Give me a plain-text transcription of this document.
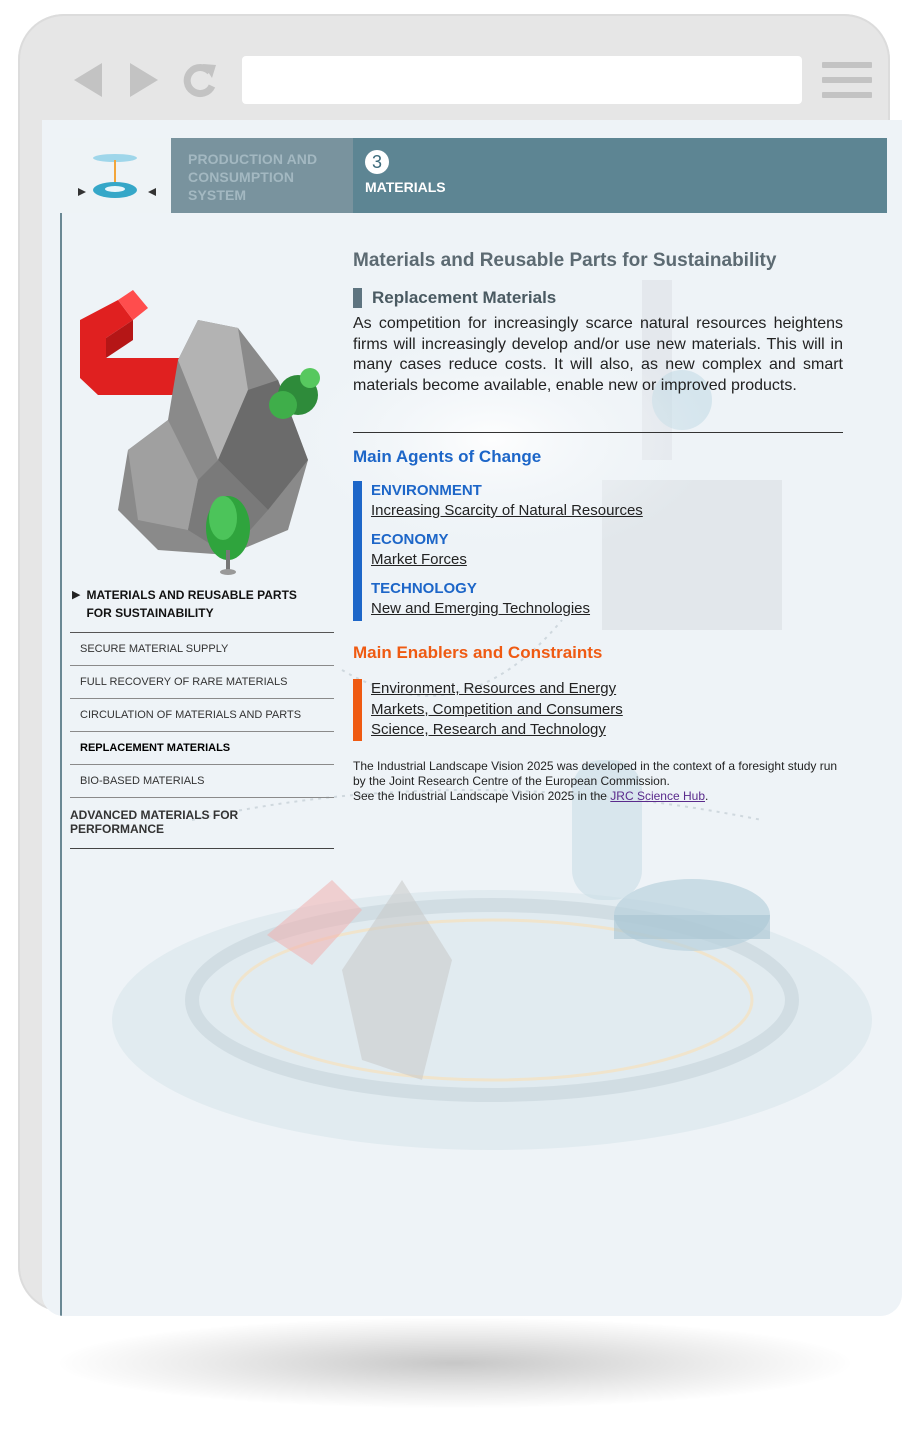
PRODUCTION AND CONSUMPTION SYSTEM
3
MATERIALS
▶ MATERIALS AND REUSABLE PARTS FOR SUSTAINABILITY
SECURE MATERIAL SUPPLY
FULL RECOVERY OF RARE MATERIALS
CIRCULATION OF MATERIALS AND PARTS
REPLACEMENT MATERIALS
BIO-BASED MATERIALS
ADVANCED MATERIALS FOR PERFORMANCE
Materials and Reusable Parts for Sustainability
Replacement Materials

As competition for increasingly scarce natural resources heightens firms will increasingly develop and/or use new materials. This will in many cases reduce costs. It will also, as new complex and smart materials become available, enable new or improved products.

Main Agents of Change
ENVIRONMENT
Increasing Scarcity of Natural Resources
ECONOMY
Market Forces
TECHNOLOGY
New and Emerging Technologies
Main Enablers and Constraints
Environment, Resources and Energy
Markets, Competition and Consumers
Science, Research and Technology
The Industrial Landscape Vision 2025 was developed in the context of a foresight study run by the Joint Research Centre of the European Commission.
See the Industrial Landscape Vision 2025 in the JRC Science Hub.
